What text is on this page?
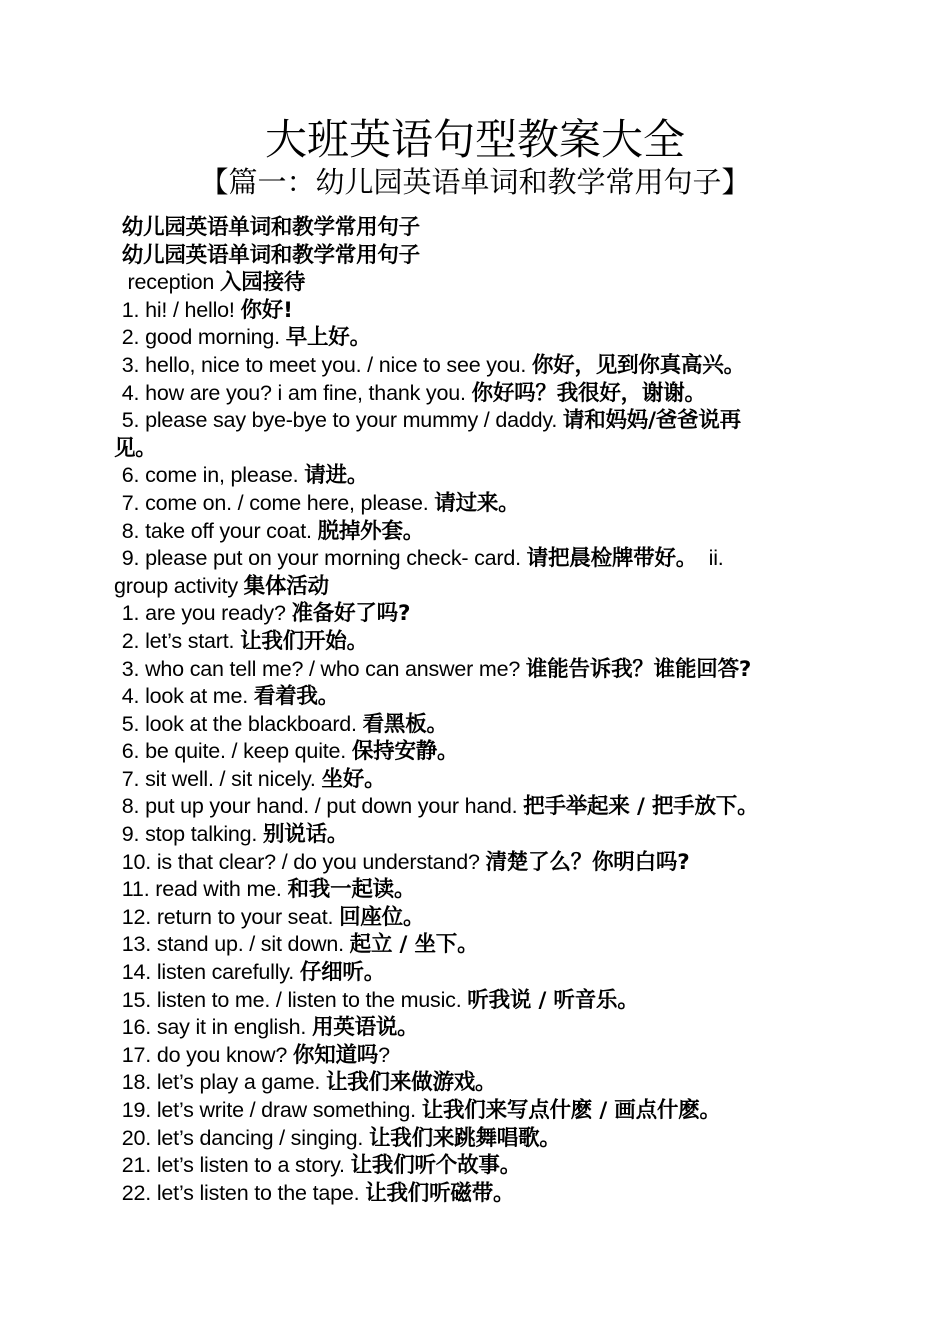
大班英语句型教案大全
【篇一：幼儿园英语单词和教学常用句子】
幼儿园英语单词和教学常用句子
幼儿园英语单词和教学常用句子
reception 入园接待
1. hi! / hello! 你好!
2. good morning. 早上好。
3. hello, nice to meet you. / nice to see you. 你好，见到你真高兴。
4. how are you? i am fine, thank you. 你好吗？我很好，谢谢。
5. please say bye-bye to your mummy / daddy. 请和妈妈/爸爸说再
见。
6. come in, please. 请进。
7. come on. / come here, please. 请过来。
8. take off your coat. 脱掉外套。
9. please put on your morning check- card. 请把晨检牌带好。  ii.
group activity 集体活动
1. are you ready? 准备好了吗?
2. let’s start. 让我们开始。
3. who can tell me? / who can answer me? 谁能告诉我？谁能回答?
4. look at me. 看着我。
5. look at the blackboard. 看黑板。
6. be quite. / keep quite. 保持安静。
7. sit well. / sit nicely. 坐好。
8. put up your hand. / put down your hand. 把手举起来 / 把手放下。
9. stop talking. 别说话。
10. is that clear? / do you understand? 清楚了么？你明白吗?
11. read with me. 和我一起读。
12. return to your seat. 回座位。
13. stand up. / sit down. 起立 / 坐下。
14. listen carefully. 仔细听。
15. listen to me. / listen to the music. 听我说 / 听音乐。
16. say it in english. 用英语说。
17. do you know? 你知道吗?
18. let’s play a game. 让我们来做游戏。
19. let’s write / draw something. 让我们来写点什麽 / 画点什麽。
20. let’s dancing / singing. 让我们来跳舞唱歌。
21. let’s listen to a story. 让我们听个故事。
22. let’s listen to the tape. 让我们听磁带。
